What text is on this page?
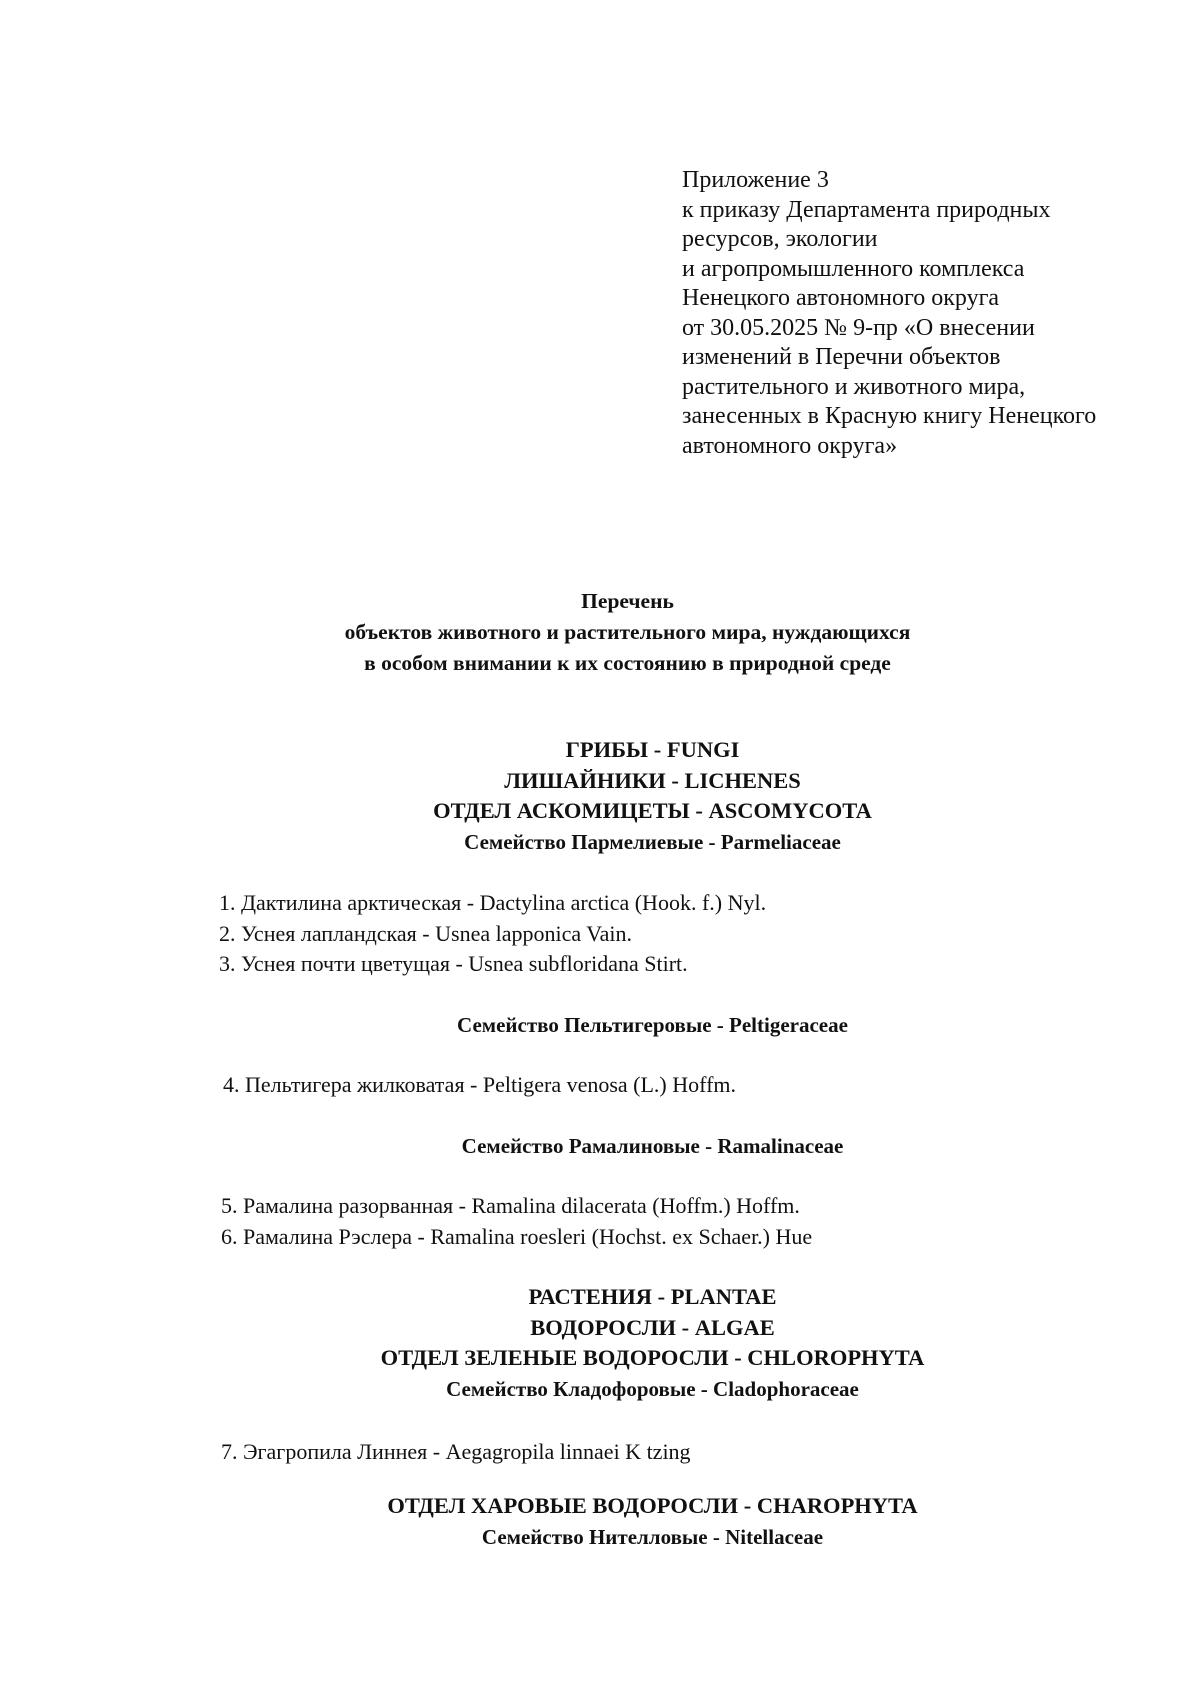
Приложение 3
к приказу Департамента природных
ресурсов, экологии
и агропромышленного комплекса
Ненецкого автономного округа
от 30.05.2025 № 9-пр «О внесении
изменений в Перечни объектов
растительного и животного мира,
занесенных в Красную книгу Ненецкого
автономного округа»
Перечень
объектов животного и растительного мира, нуждающихся
в особом внимании к их состоянию в природной среде
ГРИБЫ - FUNGI
ЛИШАЙНИКИ - LICHENES
ОТДЕЛ АСКОМИЦЕТЫ - ASCOMYCOTA
Семейство Пармелиевые - Parmeliaceae
1. Дактилина арктическая - Dactylina arctica (Hook. f.) Nyl.
2. Уснея лапландская - Usnea lapponica Vain.
3. Уснея почти цветущая - Usnea subfloridana Stirt.
Семейство Пельтигеровые - Peltigeraceae
4. Пельтигера жилковатая - Peltigera venosa (L.) Hoffm.
Семейство Рамалиновые - Ramalinaceae
5. Рамалина разорванная - Ramalina dilacerata (Hoffm.) Hoffm.
6. Рамалина Рэслера - Ramalina roesleri (Hochst. ex Schaer.) Hue
РАСТЕНИЯ - PLANTAE
ВОДОРОСЛИ - ALGAE
ОТДЕЛ ЗЕЛЕНЫЕ ВОДОРОСЛИ - CHLOROPHYTA
Семейство Кладофоровые - Cladophoraceae
7. Эгагропила Линнея - Aegagropila linnaei K tzing
ОТДЕЛ ХАРОВЫЕ ВОДОРОСЛИ - CHAROPHYTA
Семейство Нителловые - Nitellaceae
